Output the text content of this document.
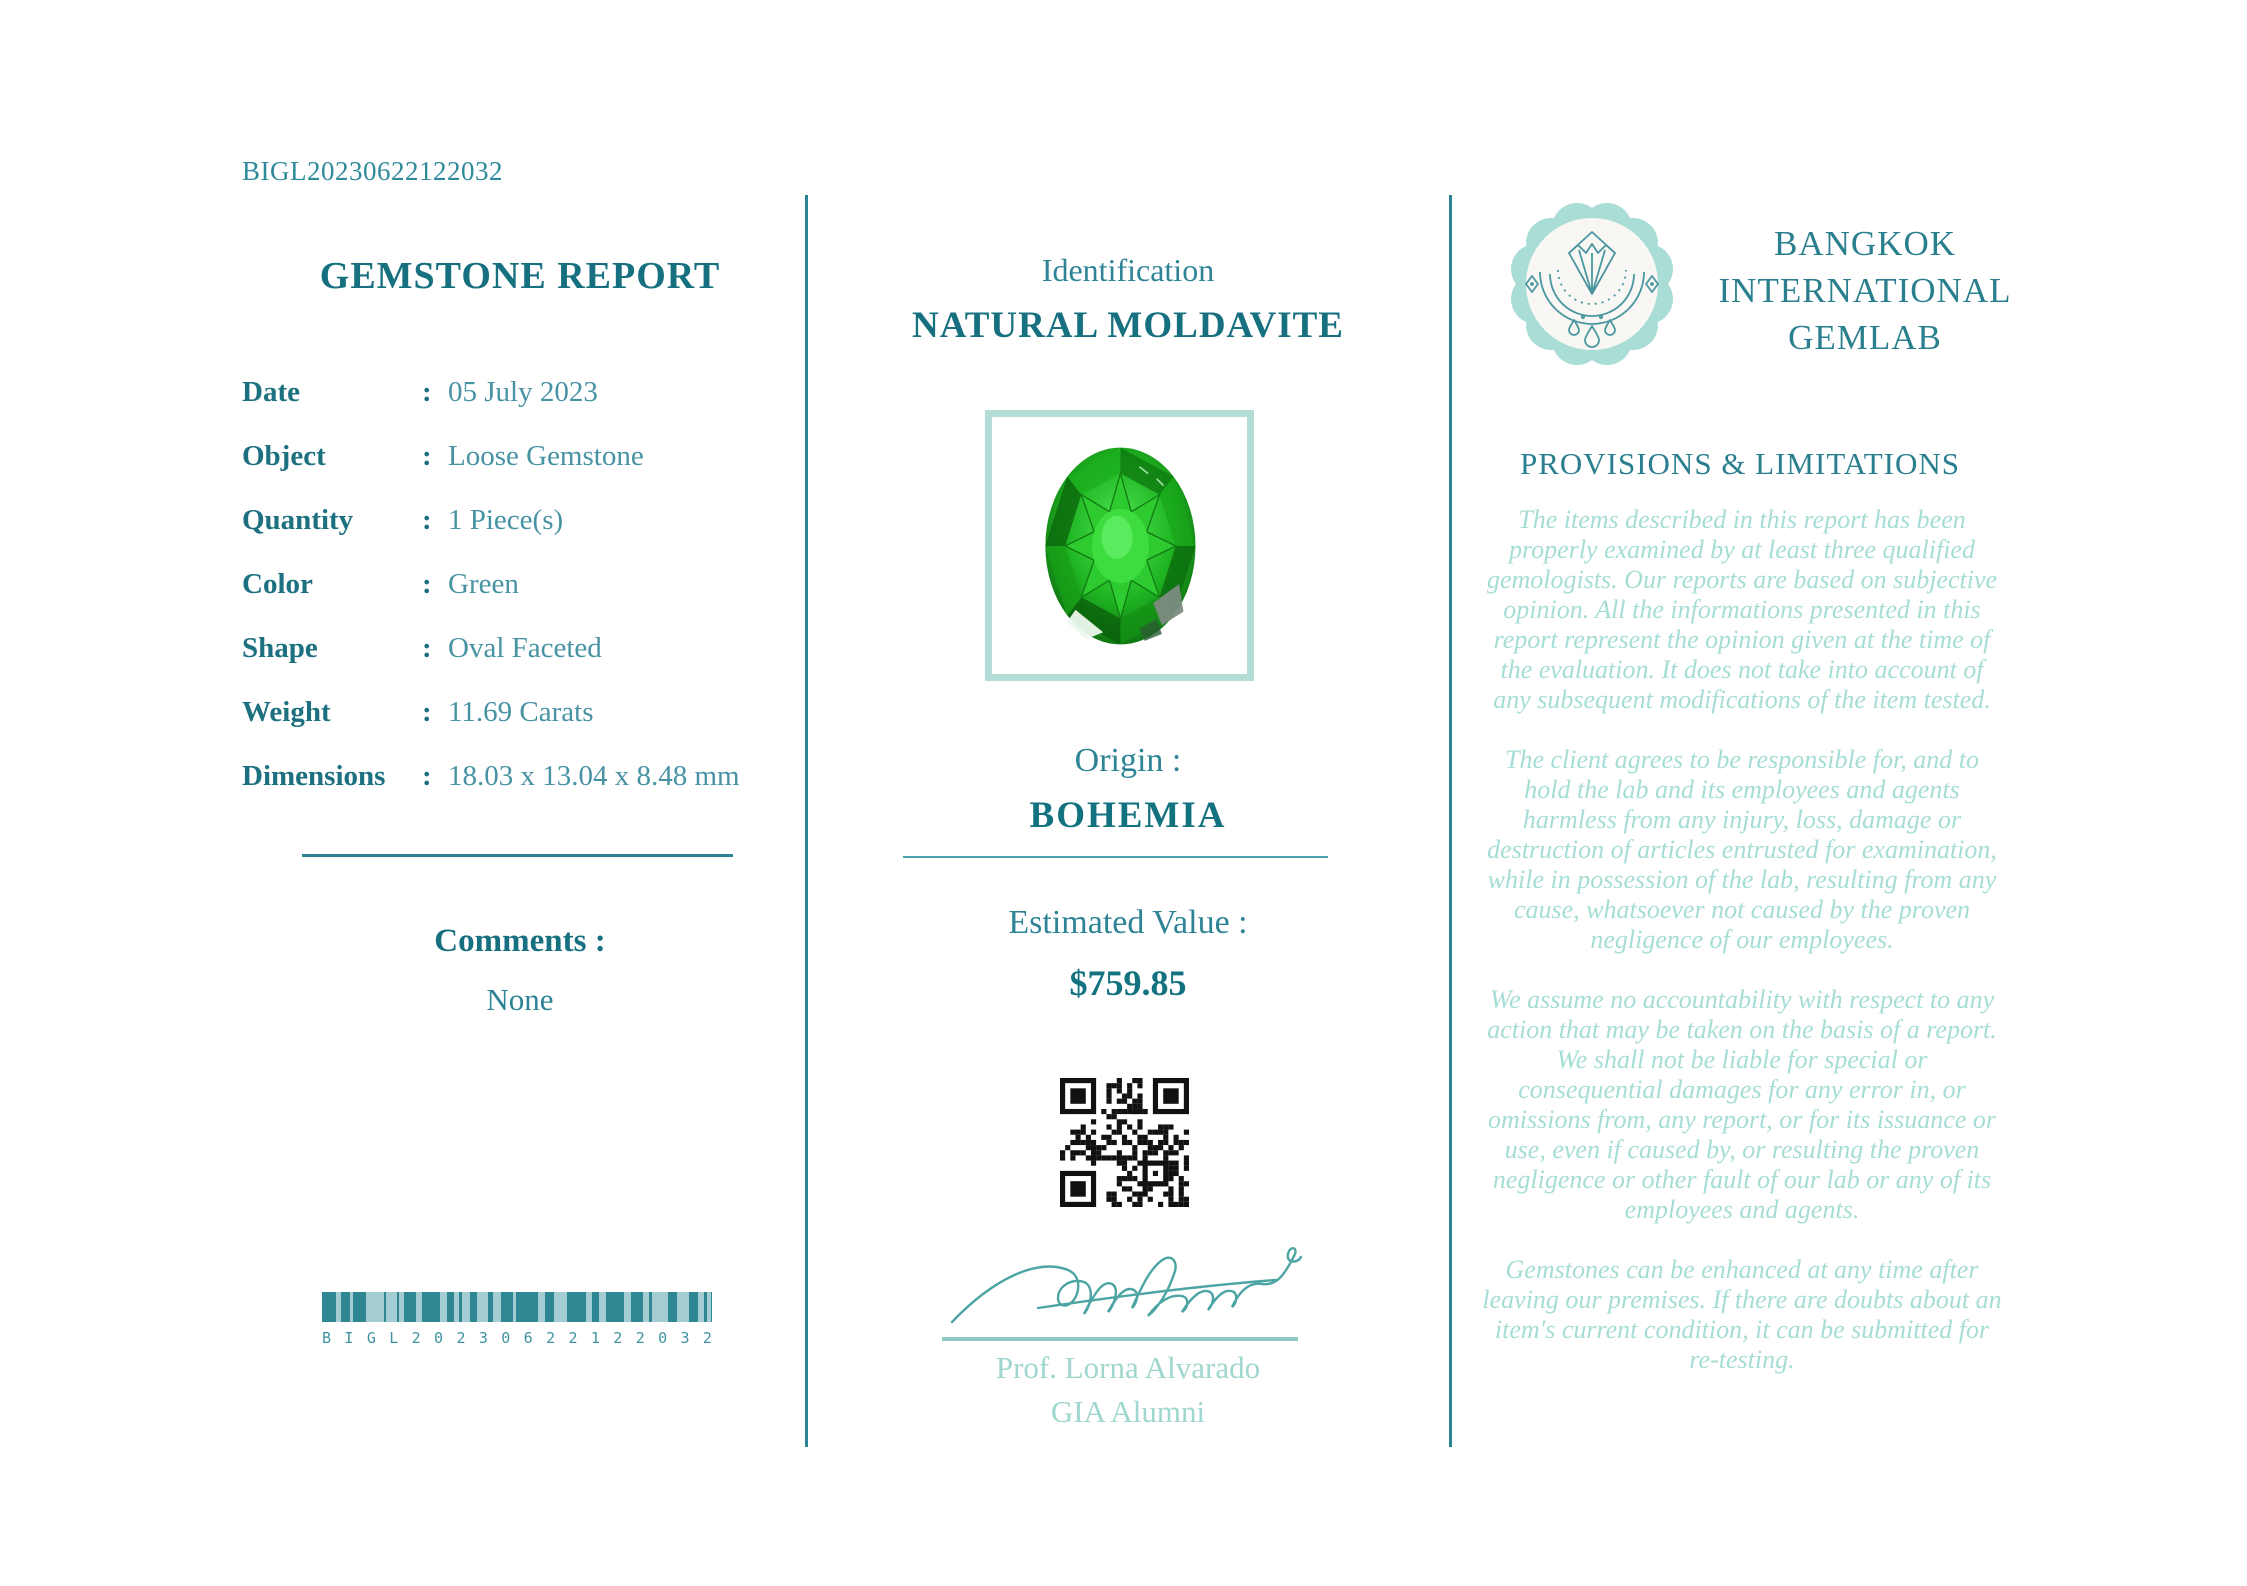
BIGL20230622122032
GEMSTONE REPORT
Date	: 05 July 2023
Object	: Loose Gemstone
Quantity	: 1 Piece(s)
Color	: Green
Shape	: Oval Faceted
Weight	: 11.69 Carats
Dimensions	: 18.03 x 13.04 x 8.48 mm
Comments :
None
B I G L 2 0 2 3 0 6 2 2 1 2 2 0 3 2
Identification
NATURAL MOLDAVITE
Origin :
BOHEMIA
Estimated Value :
$759.85
Prof. Lorna Alvarado
GIA Alumni
BANGKOK
INTERNATIONAL
GEMLAB
PROVISIONS & LIMITATIONS

The items described in this report has been properly examined by at least three qualified gemologists. Our reports are based on subjective opinion. All the informations presented in this report represent the opinion given at the time of the evaluation. It does not take into account of any subsequent modifications of the item tested.

The client agrees to be responsible for, and to hold the lab and its employees and agents harmless from any injury, loss, damage or destruction of articles entrusted for examination, while in possession of the lab, resulting from any cause, whatsoever not caused by the proven negligence of our employees.

We assume no accountability with respect to any action that may be taken on the basis of a report. We shall not be liable for special or consequential damages for any error in, or omissions from, any report, or for its issuance or use, even if caused by, or resulting the proven negligence or other fault of our lab or any of its employees and agents.

Gemstones can be enhanced at any time after leaving our premises. If there are doubts about an item's current condition, it can be submitted for re-testing.
